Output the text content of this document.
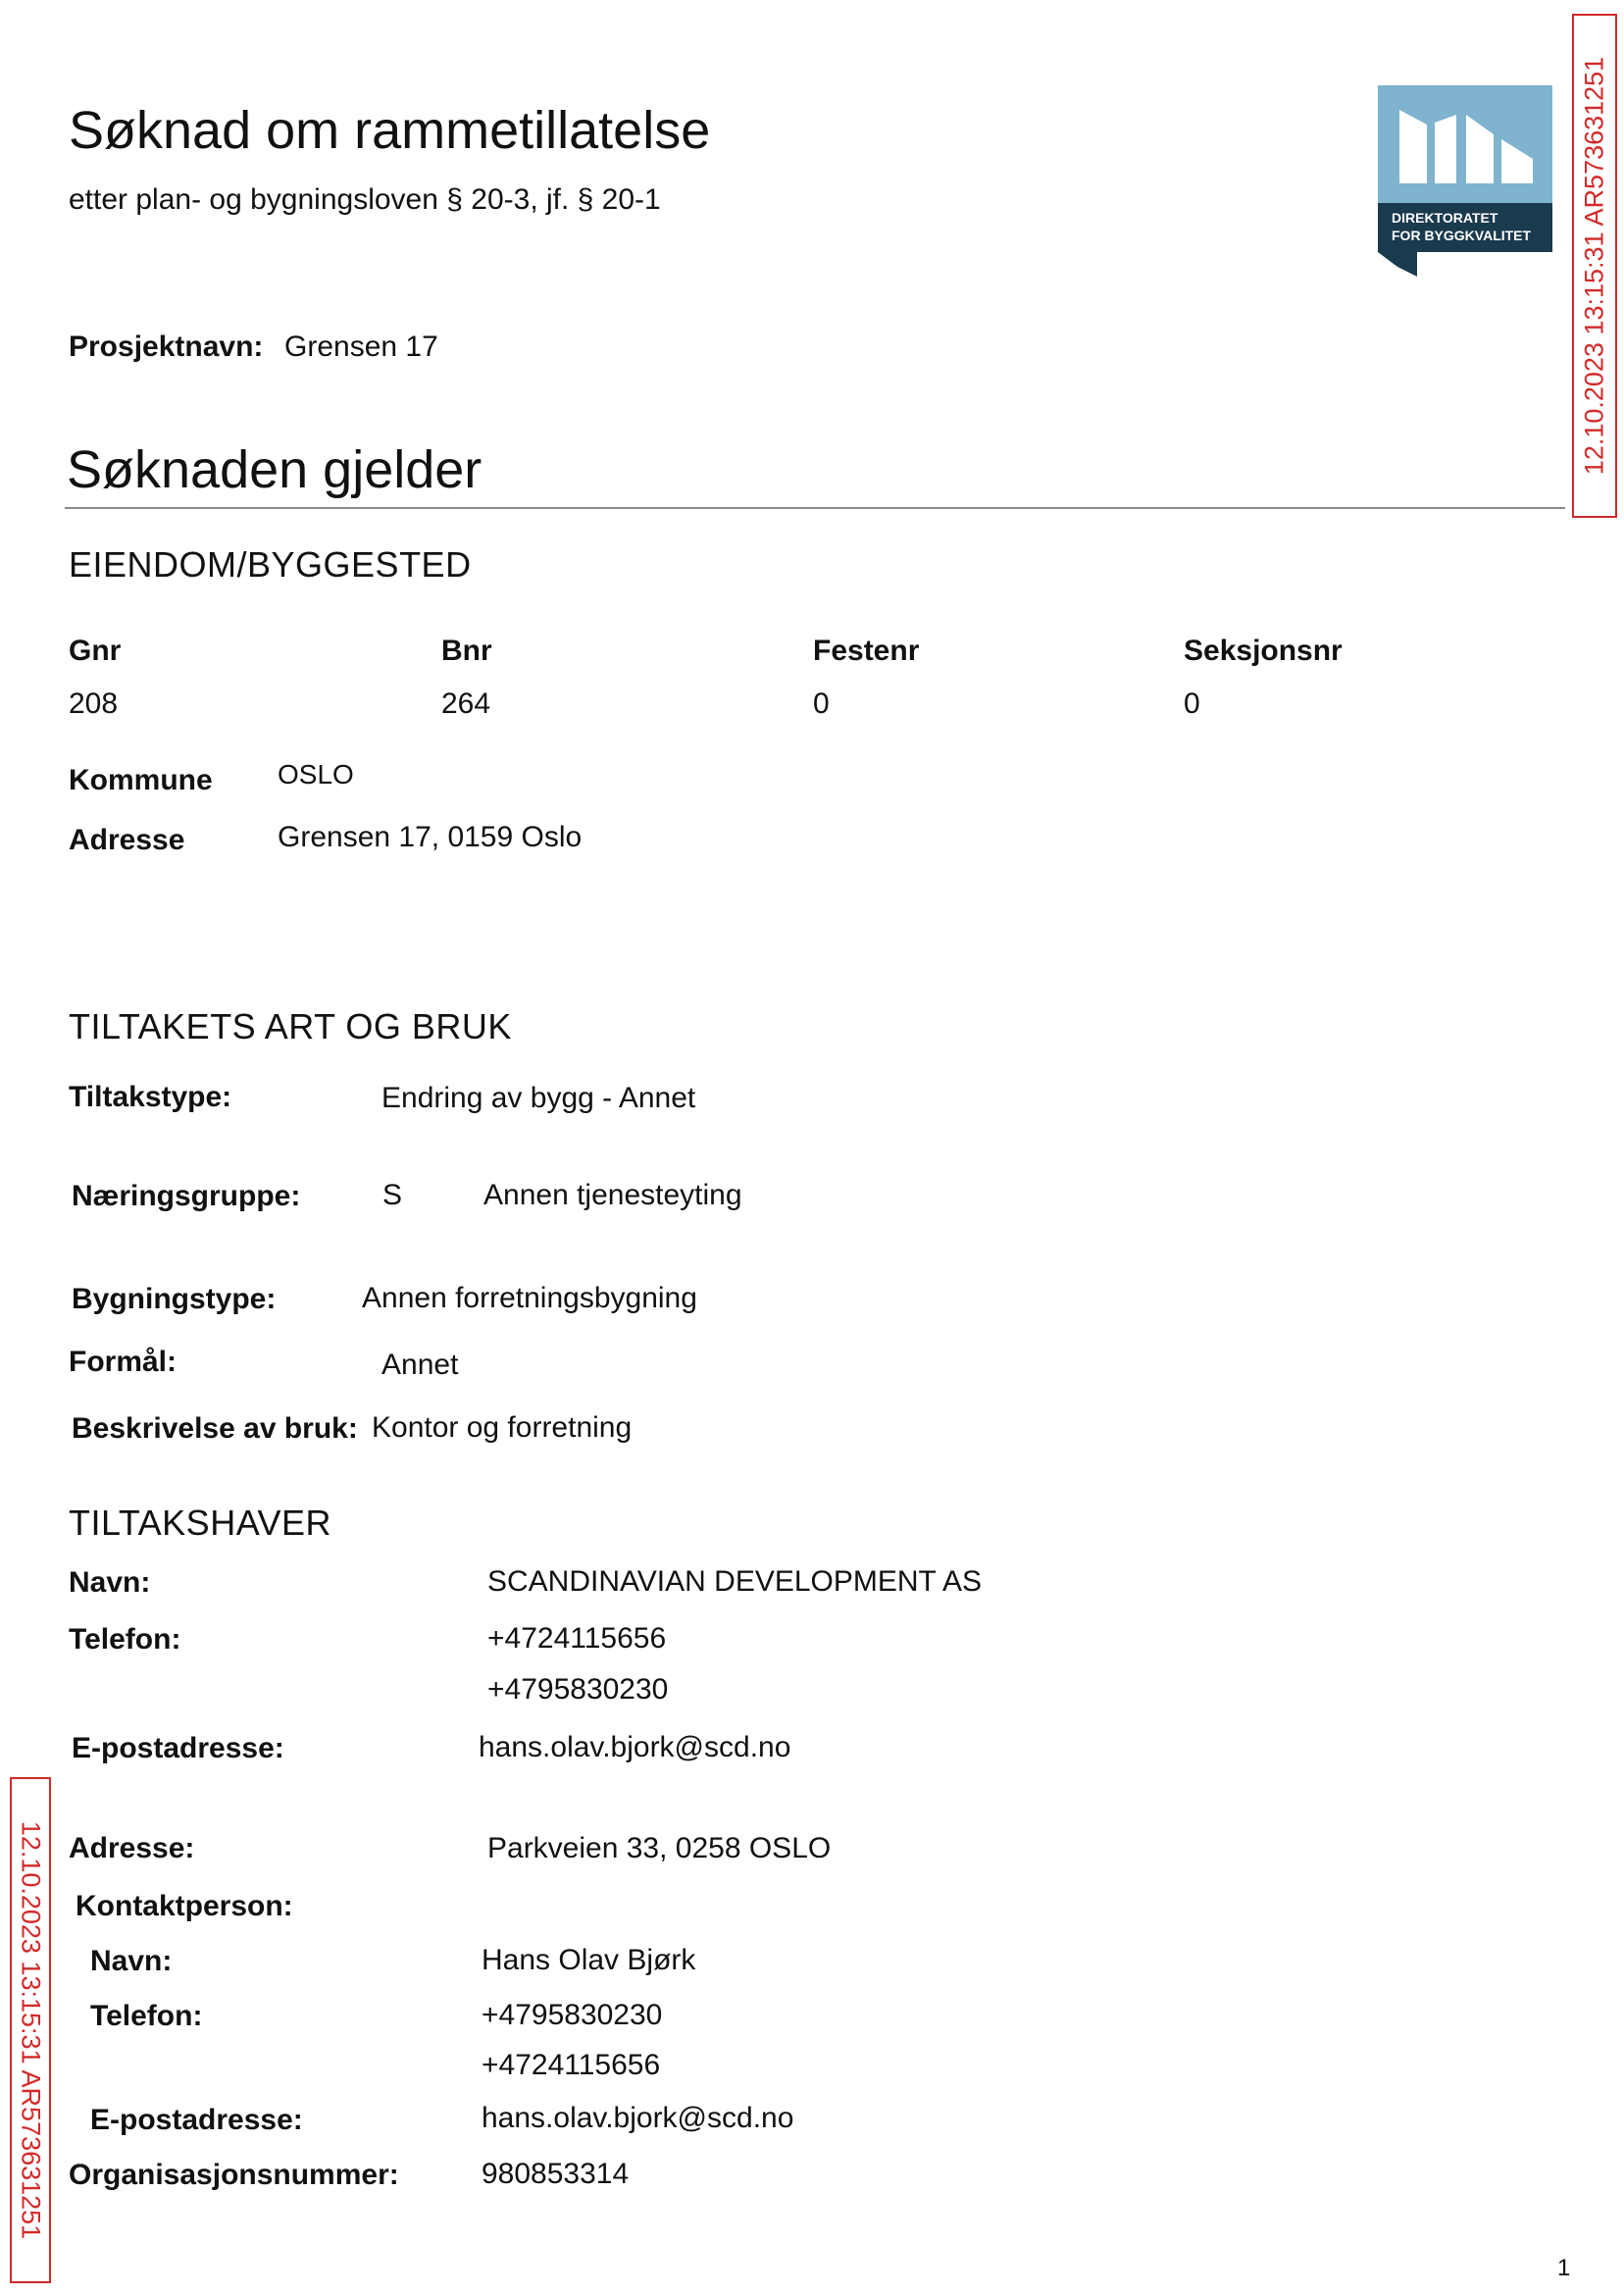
Søknad om rammetillatelse
etter plan- og bygningsloven § 20-3, jf. § 20-1
Prosjektnavn: Grensen 17
DIREKTORATET
FOR BYGGKVALITET 12.10.2023 13:15:31 AR573631251
Søknaden gjelder
EIENDOM/BYGGESTED
Gnr	Bnr	Festenr	Seksjonsnr
208	264	0	0
Kommune OSLO
Adresse	Grensen 17, 0159 Oslo
TILTAKETS ART OG BRUK
Tiltakstype:	Endring av bygg - Annet
Næringsgruppe:	S	Annen tjenesteyting
Bygningstype:	Annen forretningsbygning
Formål:	Annet
Beskrivelse av bruk: Kontor og forretning
TILTAKSHAVER
Navn:	SCANDINAVIAN DEVELOPMENT AS
Telefon:	+4724115656
+4795830230
E-postadresse:	hans.olav.bjork@scd.no
12.10.2023 13:15:31 AR573631251 Adresse:	Parkveien 33, 0258 OSLO
Kontaktperson:
Navn:	Hans Olav Bjørk
Telefon:	+4795830230
+4724115656
E-postadresse:	hans.olav.bjork@scd.no
Organisasjonsnummer:	980853314
1
